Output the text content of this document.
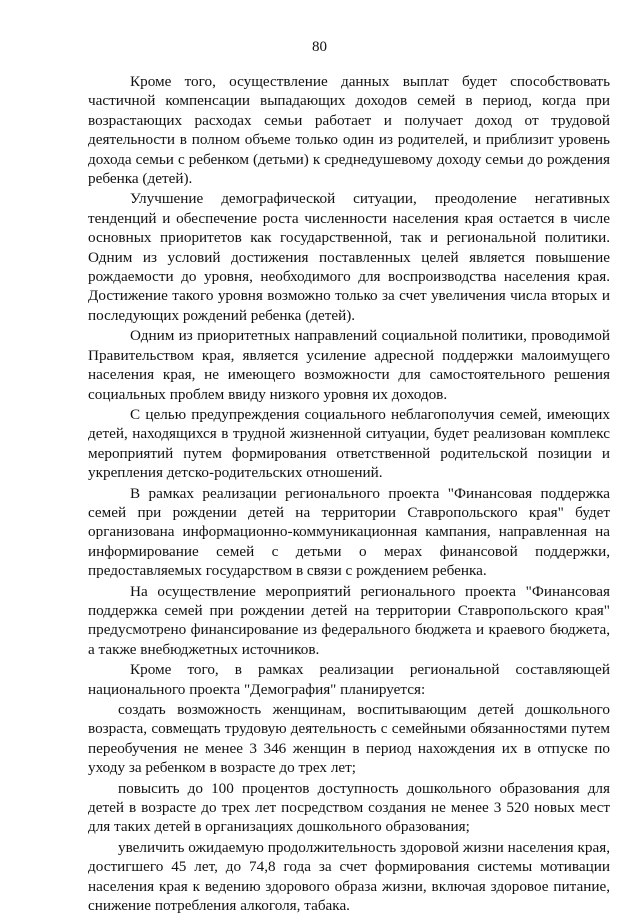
80

Кроме того, осуществление данных выплат будет способствовать частичной компенсации выпадающих доходов семей в период, когда при возрастающих расходах семьи работает и получает доход от трудовой деятельности в полном объеме только один из родителей, и приблизит уровень дохода семьи с ребенком (детьми) к среднедушевому доходу семьи до рождения ребенка (детей).

Улучшение демографической ситуации, преодоление негативных тенденций и обеспечение роста численности населения края остается в числе основных приоритетов как государственной, так и региональной политики. Одним из условий достижения поставленных целей является повышение рождаемости до уровня, необходимого для воспроизводства населения края. Достижение такого уровня возможно только за счет увеличения числа вторых и последующих рождений ребенка (детей).

Одним из приоритетных направлений социальной политики, проводимой Правительством края, является усиление адресной поддержки малоимущего населения края, не имеющего возможности для самостоятельного решения социальных проблем ввиду низкого уровня их доходов.

С целью предупреждения социального неблагополучия семей, имеющих детей, находящихся в трудной жизненной ситуации, будет реализован комплекс мероприятий путем формирования ответственной родительской позиции и укрепления детско-родительских отношений.

В рамках реализации регионального проекта "Финансовая поддержка семей при рождении детей на территории Ставропольского края" будет организована информационно-коммуникационная кампания, направленная на информирование семей с детьми о мерах финансовой поддержки, предоставляемых государством в связи с рождением ребенка.

На осуществление мероприятий регионального проекта "Финансовая поддержка семей при рождении детей на территории Ставропольского края" предусмотрено финансирование из федерального бюджета и краевого бюджета, а также внебюджетных источников.

Кроме того, в рамках реализации региональной составляющей национального проекта "Демография" планируется:

создать возможность женщинам, воспитывающим детей дошкольного возраста, совмещать трудовую деятельность с семейными обязанностями путем переобучения не менее 3 346 женщин в период нахождения их в отпуске по уходу за ребенком в возрасте до трех лет;

повысить до 100 процентов доступность дошкольного образования для детей в возрасте до трех лет посредством создания не менее 3 520 новых мест для таких детей в организациях дошкольного образования;

увеличить ожидаемую продолжительность здоровой жизни населения края, достигшего 45 лет, до 74,8 года за счет формирования системы мотивации населения края к ведению здорового образа жизни, включая здоровое питание, снижение потребления алкоголя, табака.
